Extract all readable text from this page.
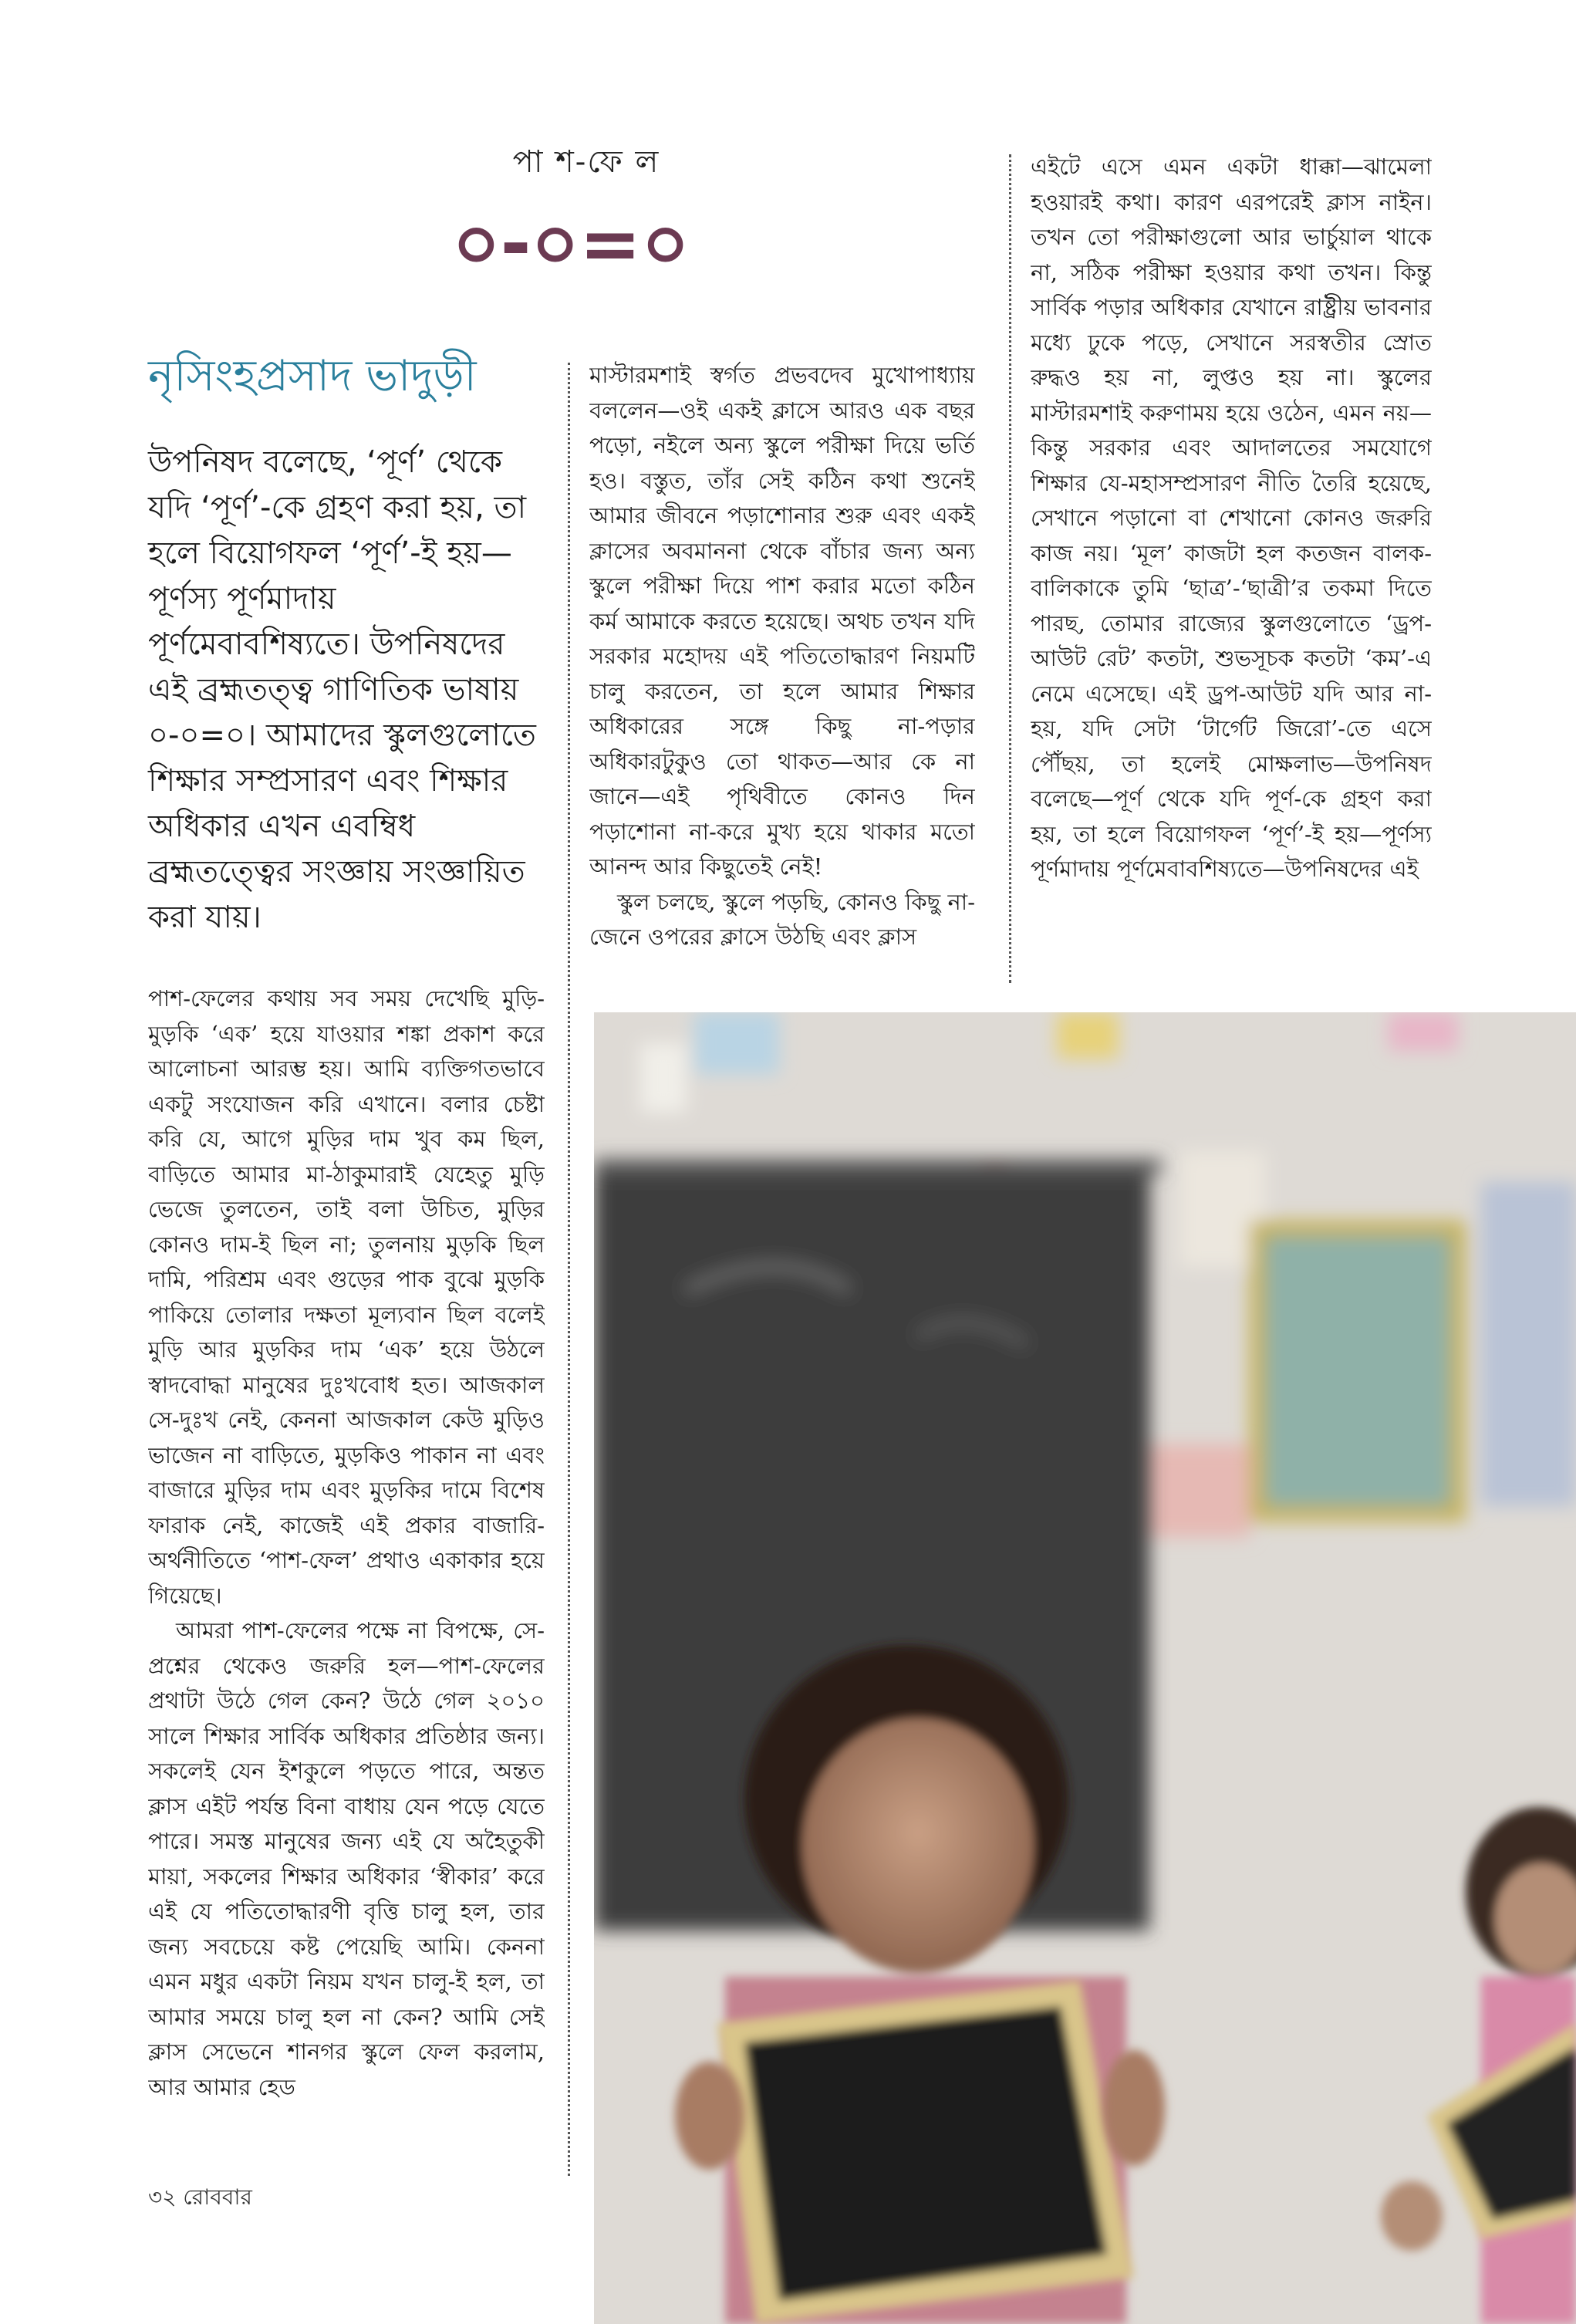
পা শ-ফে ল
০-০=০
নৃসিংহপ্রসাদ ভাদুড়ী
উপনিষদ বলেছে, ‘পূর্ণ’ থেকে যদি ‘পূর্ণ’-কে গ্রহণ করা হয়, তা হলে বিয়োগফল ‘পূর্ণ’-ই হয়—পূর্ণস্য পূর্ণমাদায় পূর্ণমেবাবশিষ্যতে। উপনিষদের এই ব্রহ্মতত্ত্ব গাণিতিক ভাষায় ০-০=০। আমাদের স্কুলগুলোতে শিক্ষার সম্প্রসারণ এবং শিক্ষার অধিকার এখন এবম্বিধ ব্রহ্মতত্ত্বের সংজ্ঞায় সংজ্ঞায়িত করা যায়।

পাশ-ফেলের কথায় সব সময় দেখেছি মুড়ি-মুড়কি ‘এক’ হয়ে যাওয়ার শঙ্কা প্রকাশ করে আলোচনা আরম্ভ হয়। আমি ব্যক্তিগতভাবে একটু সংযোজন করি এখানে। বলার চেষ্টা করি যে, আগে মুড়ির দাম খুব কম ছিল, বাড়িতে আমার মা-ঠাকুমারাই যেহেতু মুড়ি ভেজে তুলতেন, তাই বলা উচিত, মুড়ির কোনও দাম-ই ছিল না; তুলনায় মুড়কি ছিল দামি, পরিশ্রম এবং গুড়ের পাক বুঝে মুড়কি পাকিয়ে তোলার দক্ষতা মূল্যবান ছিল বলেই মুড়ি আর মুড়কির দাম ‘এক’ হয়ে উঠলে স্বাদবোদ্ধা মানুষের দুঃখবোধ হত। আজকাল সে-দুঃখ নেই, কেননা আজকাল কেউ মুড়িও ভাজেন না বাড়িতে, মুড়কিও পাকান না এবং বাজারে মুড়ির দাম এবং মুড়কির দামে বিশেষ ফারাক নেই, কাজেই এই প্রকার বাজারি-অর্থনীতিতে ‘পাশ-ফেল’ প্রথাও একাকার হয়ে গিয়েছে।

আমরা পাশ-ফেলের পক্ষে না বিপক্ষে, সে-প্রশ্নের থেকেও জরুরি হল—পাশ-ফেলের প্রথাটা উঠে গেল কেন? উঠে গেল ২০১০ সালে শিক্ষার সার্বিক অধিকার প্রতিষ্ঠার জন্য। সকলেই যেন ইশকুলে পড়তে পারে, অন্তত ক্লাস এইট পর্যন্ত বিনা বাধায় যেন পড়ে যেতে পারে। সমস্ত মানুষের জন্য এই যে অহৈতুকী মায়া, সকলের শিক্ষার অধিকার ‘স্বীকার’ করে এই যে পতিতোদ্ধারণী বৃত্তি চালু হল, তার জন্য সবচেয়ে কষ্ট পেয়েছি আমি। কেননা এমন মধুর একটা নিয়ম যখন চালু-ই হল, তা আমার সময়ে চালু হল না কেন? আমি সেই ক্লাস সেভেনে শানগর স্কুলে ফেল করলাম, আর আমার হেড

মাস্টারমশাই স্বর্গত প্রভবদেব মুখোপাধ্যায় বললেন—ওই একই ক্লাসে আরও এক বছর পড়ো, নইলে অন্য স্কুলে পরীক্ষা দিয়ে ভর্তি হও। বস্তুত, তাঁর সেই কঠিন কথা শুনেই আমার জীবনে পড়াশোনার শুরু এবং একই ক্লাসের অবমাননা থেকে বাঁচার জন্য অন্য স্কুলে পরীক্ষা দিয়ে পাশ করার মতো কঠিন কর্ম আমাকে করতে হয়েছে। অথচ তখন যদি সরকার মহোদয় এই পতিতোদ্ধারণ নিয়মটি চালু করতেন, তা হলে আমার শিক্ষার অধিকারের সঙ্গে কিছু না-পড়ার অধিকারটুকুও তো থাকত—আর কে না জানে—এই পৃথিবীতে কোনও দিন পড়াশোনা না-করে মুখ্য হয়ে থাকার মতো আনন্দ আর কিছুতেই নেই!

স্কুল চলছে, স্কুলে পড়ছি, কোনও কিছু না-জেনে ওপরের ক্লাসে উঠছি এবং ক্লাস

এইটে এসে এমন একটা ধাক্কা—ঝামেলা হওয়ারই কথা। কারণ এরপরেই ক্লাস নাইন। তখন তো পরীক্ষাগুলো আর ভার্চুয়াল থাকে না, সঠিক পরীক্ষা হওয়ার কথা তখন। কিন্তু সার্বিক পড়ার অধিকার যেখানে রাষ্ট্রীয় ভাবনার মধ্যে ঢুকে পড়ে, সেখানে সরস্বতীর স্রোত রুদ্ধও হয় না, লুপ্তও হয় না। স্কুলের মাস্টারমশাই করুণাময় হয়ে ওঠেন, এমন নয়—কিন্তু সরকার এবং আদালতের সমযোগে শিক্ষার যে-মহাসম্প্রসারণ নীতি তৈরি হয়েছে, সেখানে পড়ানো বা শেখানো কোনও জরুরি কাজ নয়। ‘মূল’ কাজটা হল কতজন বালক-বালিকাকে তুমি ‘ছাত্র’-‘ছাত্রী’র তকমা দিতে পারছ, তোমার রাজ্যের স্কুলগুলোতে ‘ড্রপ-আউট রেট’ কতটা, শুভসূচক কতটা ‘কম’-এ নেমে এসেছে। এই ড্রপ-আউট যদি আর না-হয়, যদি সেটা ‘টার্গেট জিরো’-তে এসে পৌঁছয়, তা হলেই মোক্ষলাভ—উপনিষদ বলেছে—পূর্ণ থেকে যদি পূর্ণ-কে গ্রহণ করা হয়, তা হলে বিয়োগফল ‘পূর্ণ’-ই হয়—পূর্ণস্য পূর্ণমাদায় পূর্ণমেবাবশিষ্যতে—উপনিষদের এই

৩২ রোববার
